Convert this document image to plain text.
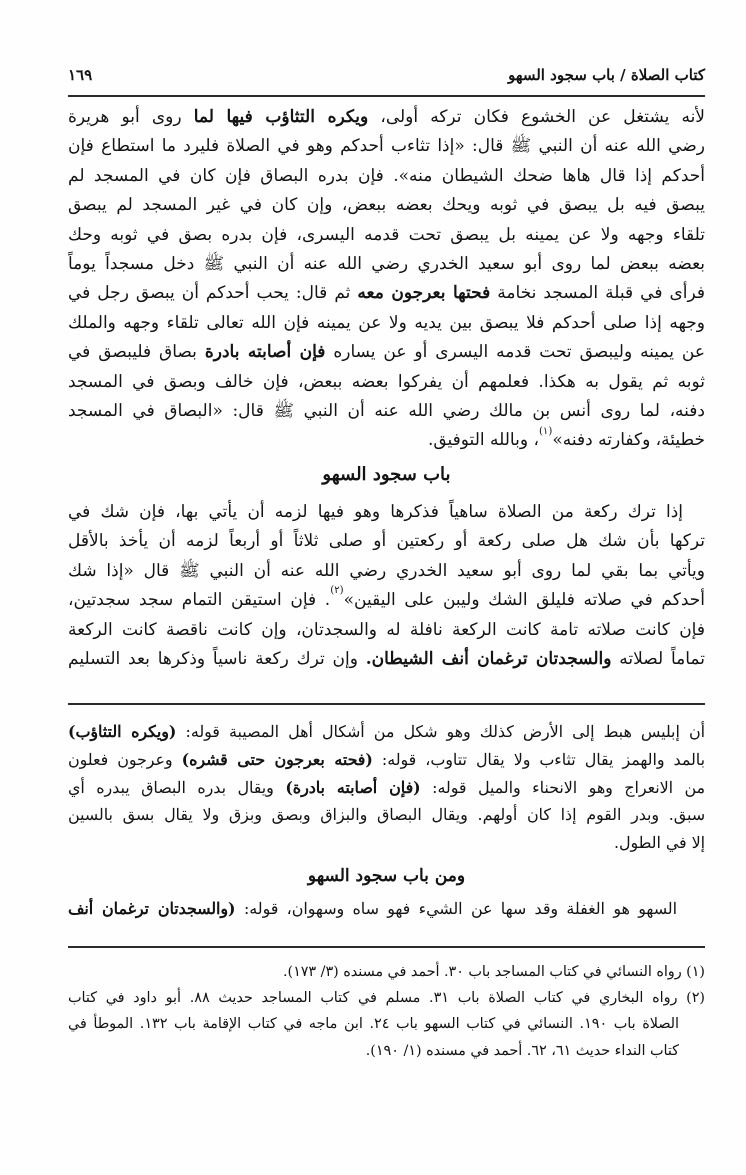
كتاب الصلاة / باب سجود السهو
١٦٩
لأنه يشتغل عن الخشوع فكان تركه أولى، ويكره التثاؤب فيها لما روى أبو هريرة
رضي الله عنه أن النبي ﷺ قال: «إذا تثاءب أحدكم وهو في الصلاة فليرد ما استطاع فإن
أحدكم إذا قال هاها ضحك الشيطان منه». فإن بدره البصاق فإن كان في المسجد لم
يبصق فيه بل يبصق في ثوبه ويحك بعضه ببعض، وإن كان في غير المسجد لم يبصق
تلقاء وجهه ولا عن يمينه بل يبصق تحت قدمه اليسرى، فإن بدره بصق في ثوبه وحك
بعضه ببعض لما روى أبو سعيد الخدري رضي الله عنه أن النبي ﷺ دخل مسجداً يوماً
فرأى في قبلة المسجد نخامة فحتها بعرجون معه ثم قال: يحب أحدكم أن يبصق رجل في
وجهه إذا صلى أحدكم فلا يبصق بين يديه ولا عن يمينه فإن الله تعالى تلقاء وجهه والملك
عن يمينه وليبصق تحت قدمه اليسرى أو عن يساره فإن أصابته بادرة بصاق فليبصق في
ثوبه ثم يقول به هكذا. فعلمهم أن يفركوا بعضه ببعض، فإن خالف وبصق في المسجد
دفنه، لما روى أنس بن مالك رضي الله عنه أن النبي ﷺ قال: «البصاق في المسجد
خطيئة، وكفارته دفنه»$^{(١)}$، وبالله التوفيق.
باب سجود السهو
إذا ترك ركعة من الصلاة ساهياً فذكرها وهو فيها لزمه أن يأتي بها، فإن شك في
تركها بأن شك هل صلى ركعة أو ركعتين أو صلى ثلاثاً أو أربعاً لزمه أن يأخذ بالأقل
ويأتي بما بقي لما روى أبو سعيد الخدري رضي الله عنه أن النبي ﷺ قال «إذا شك
أحدكم في صلاته فليلق الشك وليبن على اليقين»$^{(٢)}$. فإن استيقن التمام سجد سجدتين،
فإن كانت صلاته تامة كانت الركعة نافلة له والسجدتان، وإن كانت ناقصة كانت الركعة
تماماً لصلاته والسجدتان ترغمان أنف الشيطان. وإن ترك ركعة ناسياً وذكرها بعد التسليم
أن إبليس هبط إلى الأرض كذلك وهو شكل من أشكال أهل المصيبة قوله: (ويكره التثاؤب)
بالمد والهمز يقال تثاءب ولا يقال تتاوب، قوله: (فحته بعرجون حتى قشره) وعرجون فعلون
من الانعراج وهو الانحناء والميل قوله: (فإن أصابته بادرة) ويقال بدره البصاق يبدره أي
سبق. وبدر القوم إذا كان أولهم. ويقال البصاق والبزاق وبصق وبزق ولا يقال بسق بالسين
إلا في الطول.
ومن باب سجود السهو
السهو هو الغفلة وقد سها عن الشيء فهو ساه وسهوان، قوله: (والسجدتان ترغمان أنف
(١) رواه النسائي في كتاب المساجد باب ٣٠. أحمد في مسنده (٣/ ١٧٣).
(٢) رواه البخاري في كتاب الصلاة باب ٣١. مسلم في كتاب المساجد حديث ٨٨. أبو داود في كتاب
الصلاة باب ١٩٠. النسائي في كتاب السهو باب ٢٤. ابن ماجه في كتاب الإقامة باب ١٣٢. الموطأ في
كتاب النداء حديث ٦١، ٦٢. أحمد في مسنده (١/ ١٩٠).
